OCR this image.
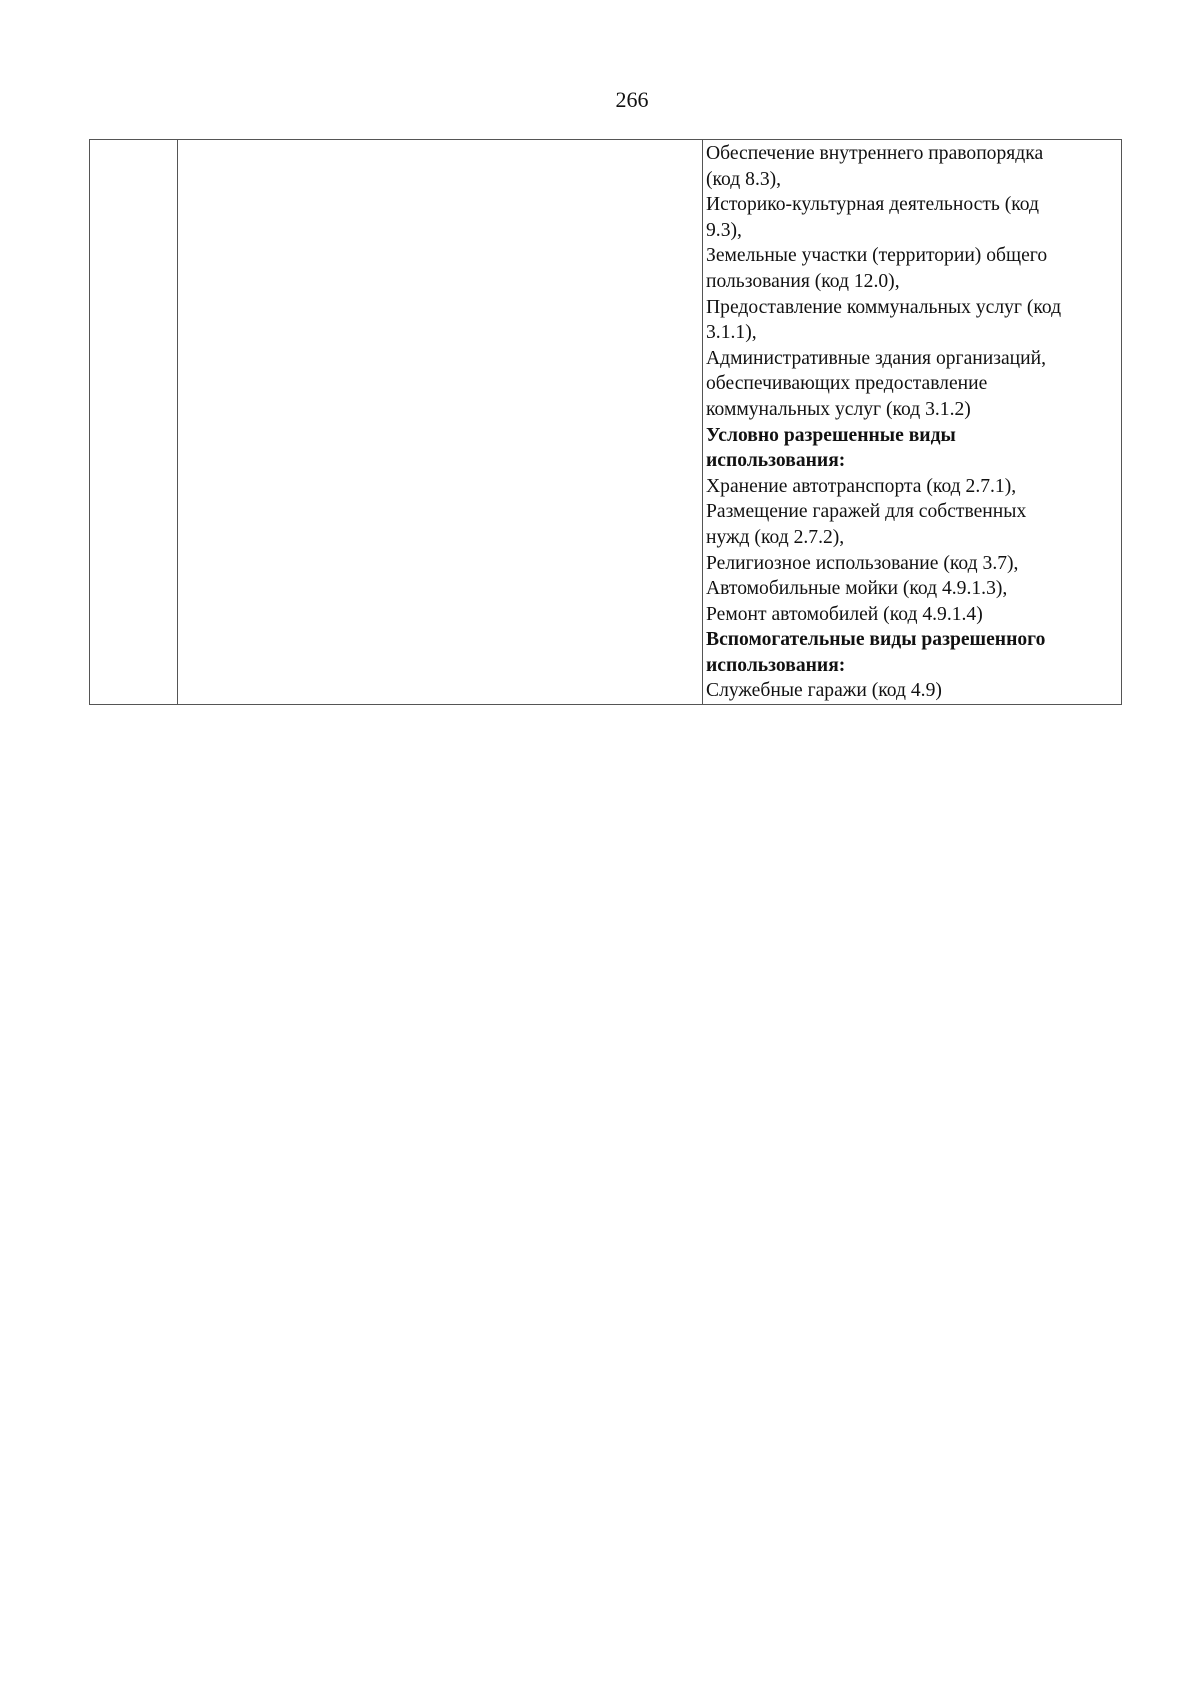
266

Обеспечение внутреннего правопорядка
(код 8.3),
Историко-культурная деятельность (код
9.3),
Земельные участки (территории) общего
пользования (код 12.0),
Предоставление коммунальных услуг (код
3.1.1),
Административные здания организаций,
обеспечивающих предоставление
коммунальных услуг (код 3.1.2)
Условно разрешенные виды
использования:
Хранение автотранспорта (код 2.7.1),
Размещение гаражей для собственных
нужд (код 2.7.2),
Религиозное использование (код 3.7),
Автомобильные мойки (код 4.9.1.3),
Ремонт автомобилей (код 4.9.1.4)
Вспомогательные виды разрешенного
использования:
Служебные гаражи (код 4.9)
